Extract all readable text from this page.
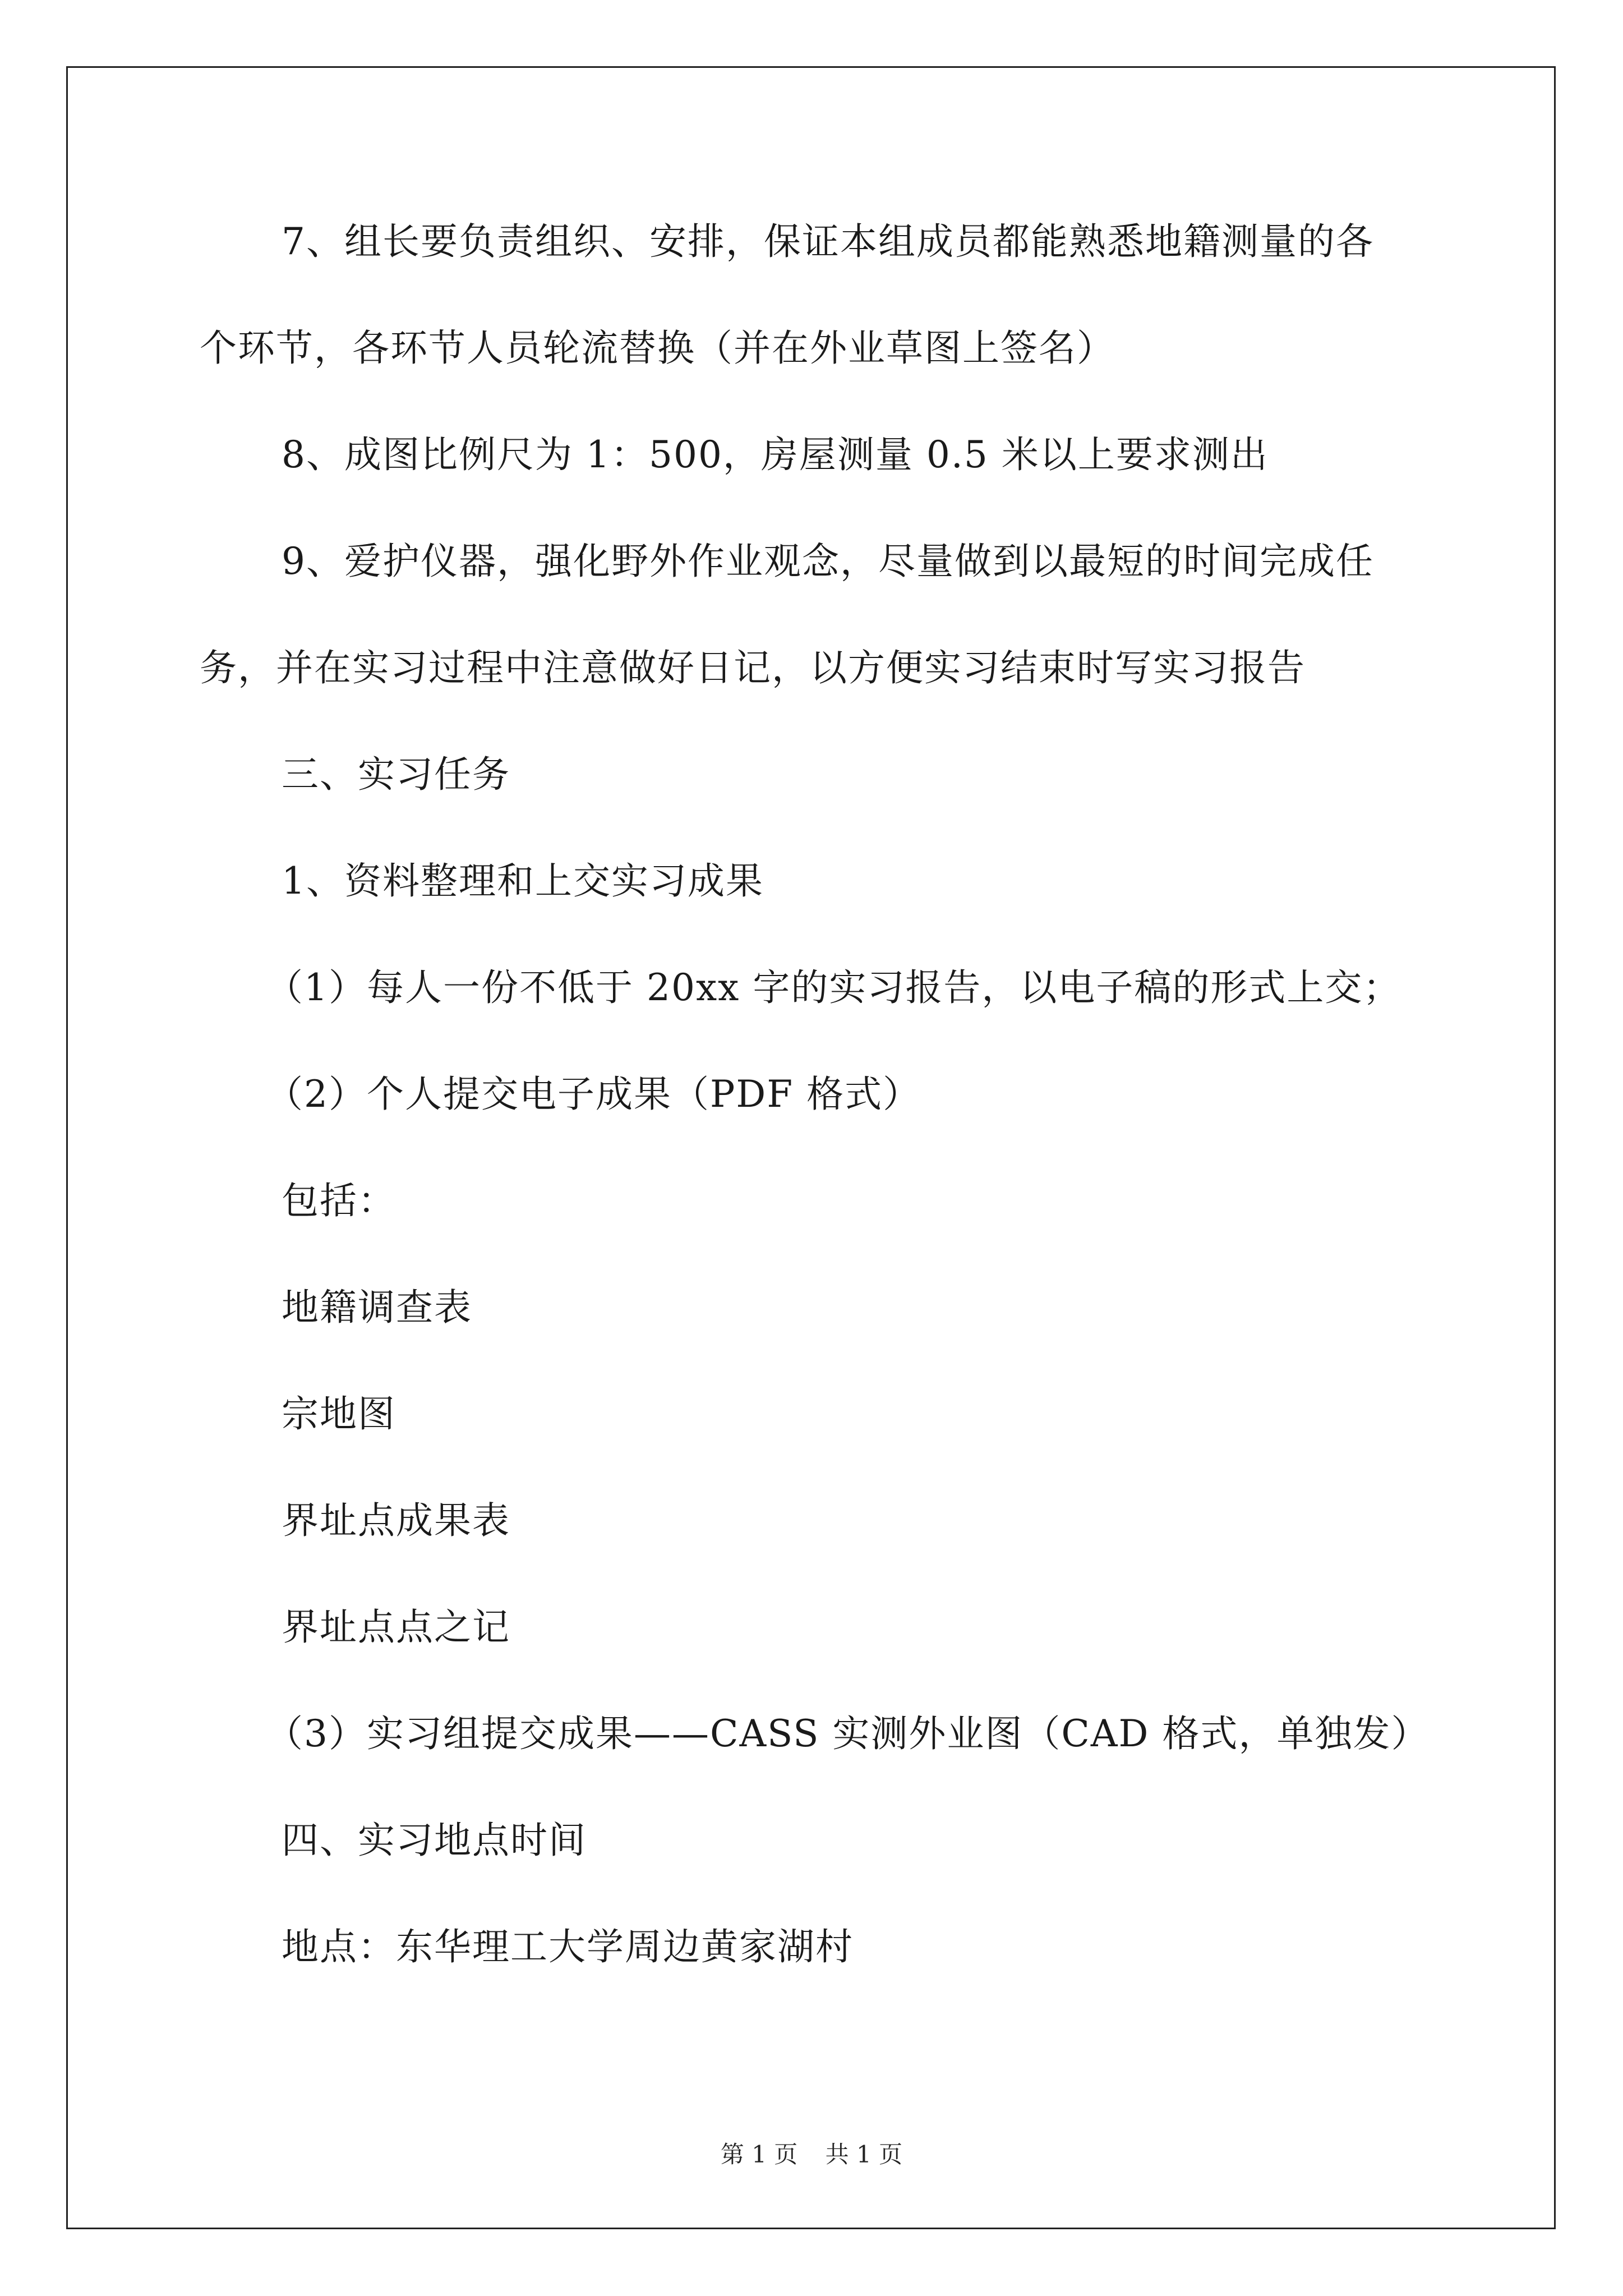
7、组长要负责组织、安排，保证本组成员都能熟悉地籍测量的各
个环节，各环节人员轮流替换（并在外业草图上签名）
8、成图比例尺为 1：500，房屋测量 0.5 米以上要求测出
9、爱护仪器，强化野外作业观念，尽量做到以最短的时间完成任
务，并在实习过程中注意做好日记，以方便实习结束时写实习报告
三、实习任务
1、资料整理和上交实习成果
（1）每人一份不低于 20xx 字的实习报告，以电子稿的形式上交；
（2）个人提交电子成果（PDF 格式）
包括：
地籍调查表
宗地图
界址点成果表
界址点点之记
（3）实习组提交成果——CASS 实测外业图（CAD 格式，单独发）
四、实习地点时间
地点：东华理工大学周边黄家湖村
第 1 页 共 1 页
